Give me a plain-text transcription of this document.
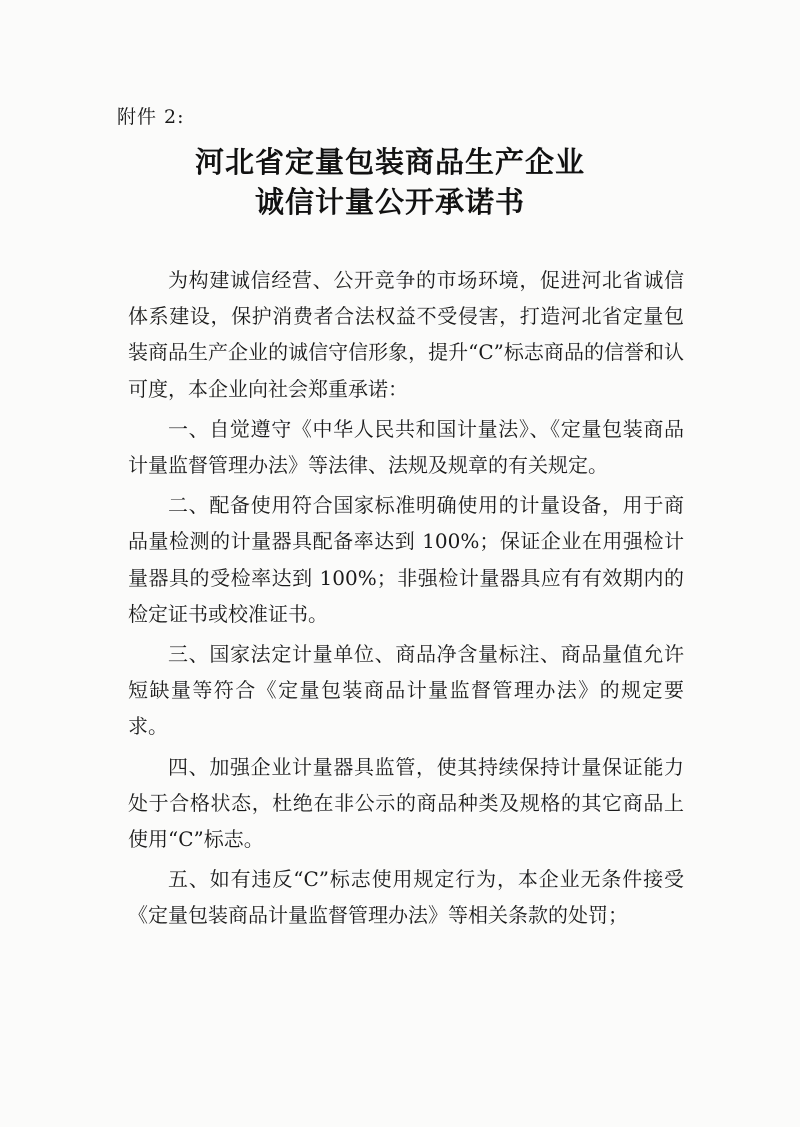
附件 2:
河北省定量包装商品生产企业
诚信计量公开承诺书

为构建诚信经营、公开竞争的市场环境，促进河北省诚信体系建设，保护消费者合法权益不受侵害，打造河北省定量包装商品生产企业的诚信守信形象，提升“C”标志商品的信誉和认可度，本企业向社会郑重承诺：

一、自觉遵守《中华人民共和国计量法》、《定量包装商品计量监督管理办法》等法律、法规及规章的有关规定。

二、配备使用符合国家标准明确使用的计量设备，用于商品量检测的计量器具配备率达到 100%；保证企业在用强检计量器具的受检率达到 100%；非强检计量器具应有有效期内的检定证书或校准证书。

三、国家法定计量单位、商品净含量标注、商品量值允许短缺量等符合《定量包装商品计量监督管理办法》的规定要求。

四、加强企业计量器具监管，使其持续保持计量保证能力处于合格状态，杜绝在非公示的商品种类及规格的其它商品上使用“C”标志。

五、如有违反“C”标志使用规定行为，本企业无条件接受《定量包装商品计量监督管理办法》等相关条款的处罚；
